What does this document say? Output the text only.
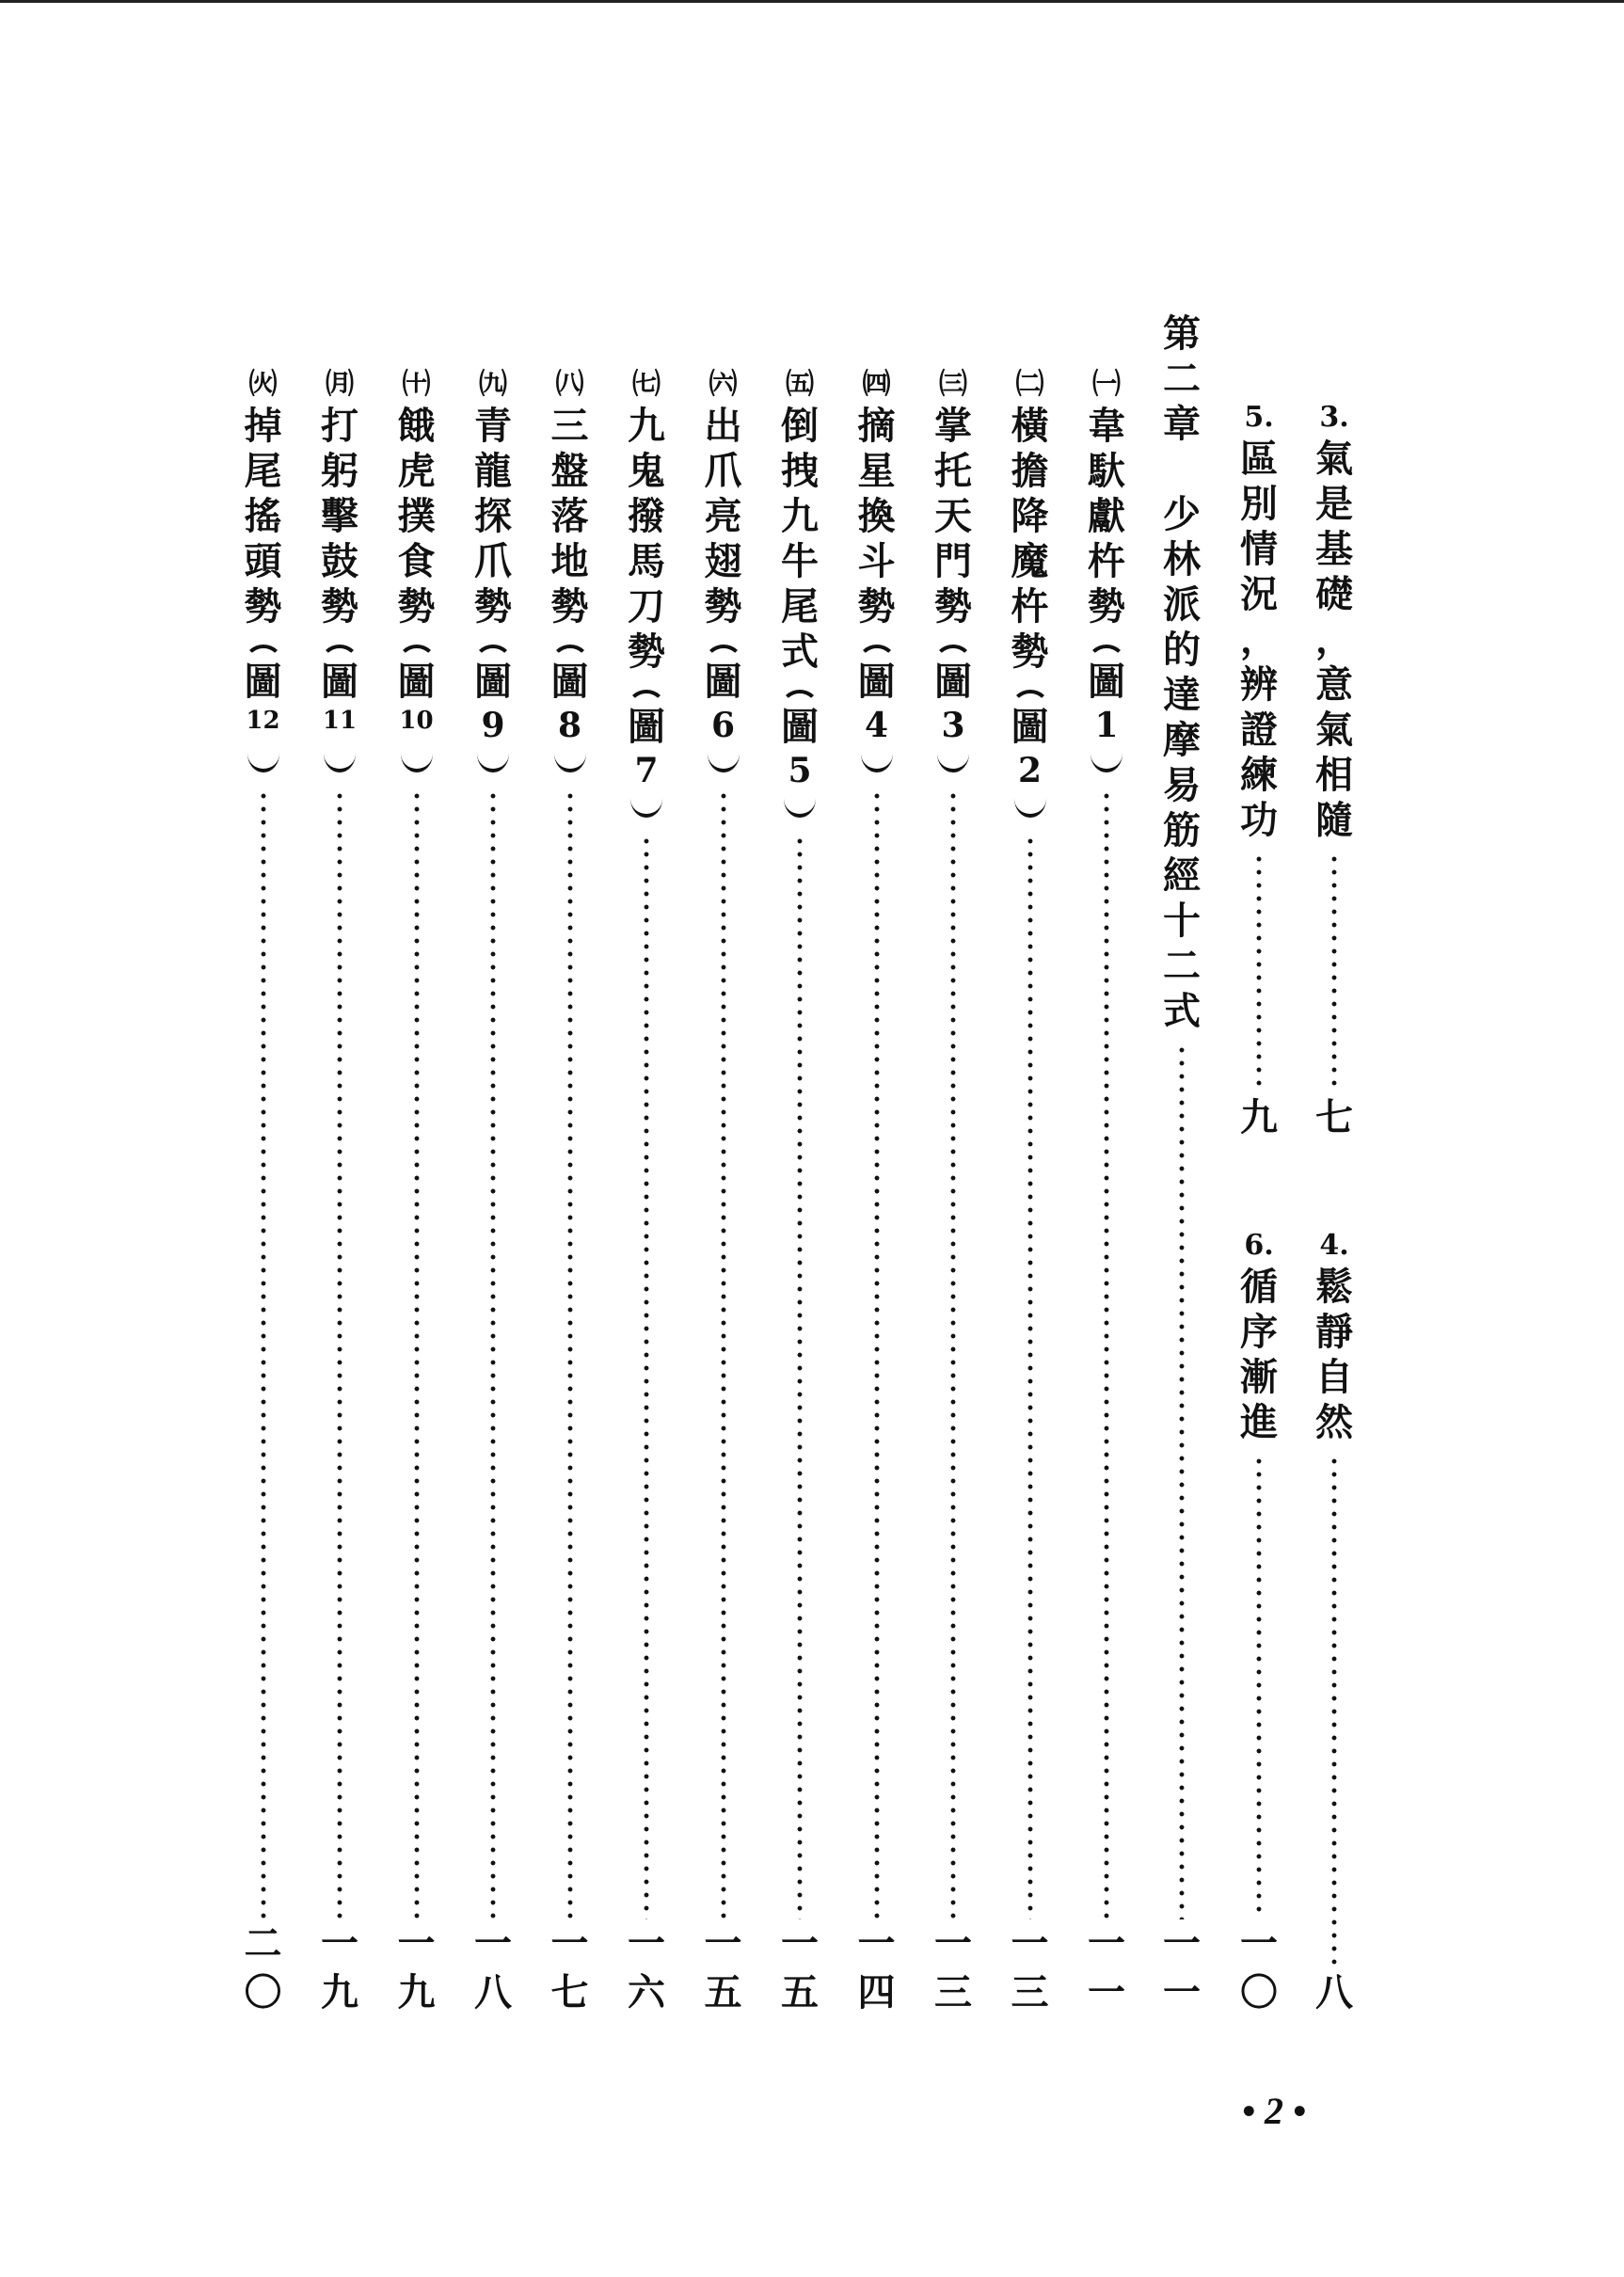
3.
氣
是
基
礎
，
意
氣
相
隨
七
4.
鬆
靜
自
然
八
5.
區
別
情
況
，
辨
證
練
功
九
6.
循
序
漸
進
一
〇
第
二
章

少
林
派
的
達
摩
易
筋
經
十
二
式
一
一
㈠
韋
馱
獻
杵
勢
圖
1
一
一
㈡
橫
擔
降
魔
杵
勢
圖
2
一
三
㈢
掌
托
天
門
勢
圖
3
一
三
㈣
摘
星
換
斗
勢
圖
4
一
四
㈤
倒
拽
九
牛
尾
式
圖
5
一
五
㈥
出
爪
亮
翅
勢
圖
6
一
五
㈦
九
鬼
撥
馬
刀
勢
圖
7
一
六
㈧
三
盤
落
地
勢
圖
8
一
七
㈨
青
龍
探
爪
勢
圖
9
一
八
㈩
餓
虎
撲
食
勢
圖
10
一
九
㈪
打
躬
擊
鼓
勢
圖
11
一
九
㈫
掉
尾
搖
頭
勢
圖
12
二
〇
• 2 •
